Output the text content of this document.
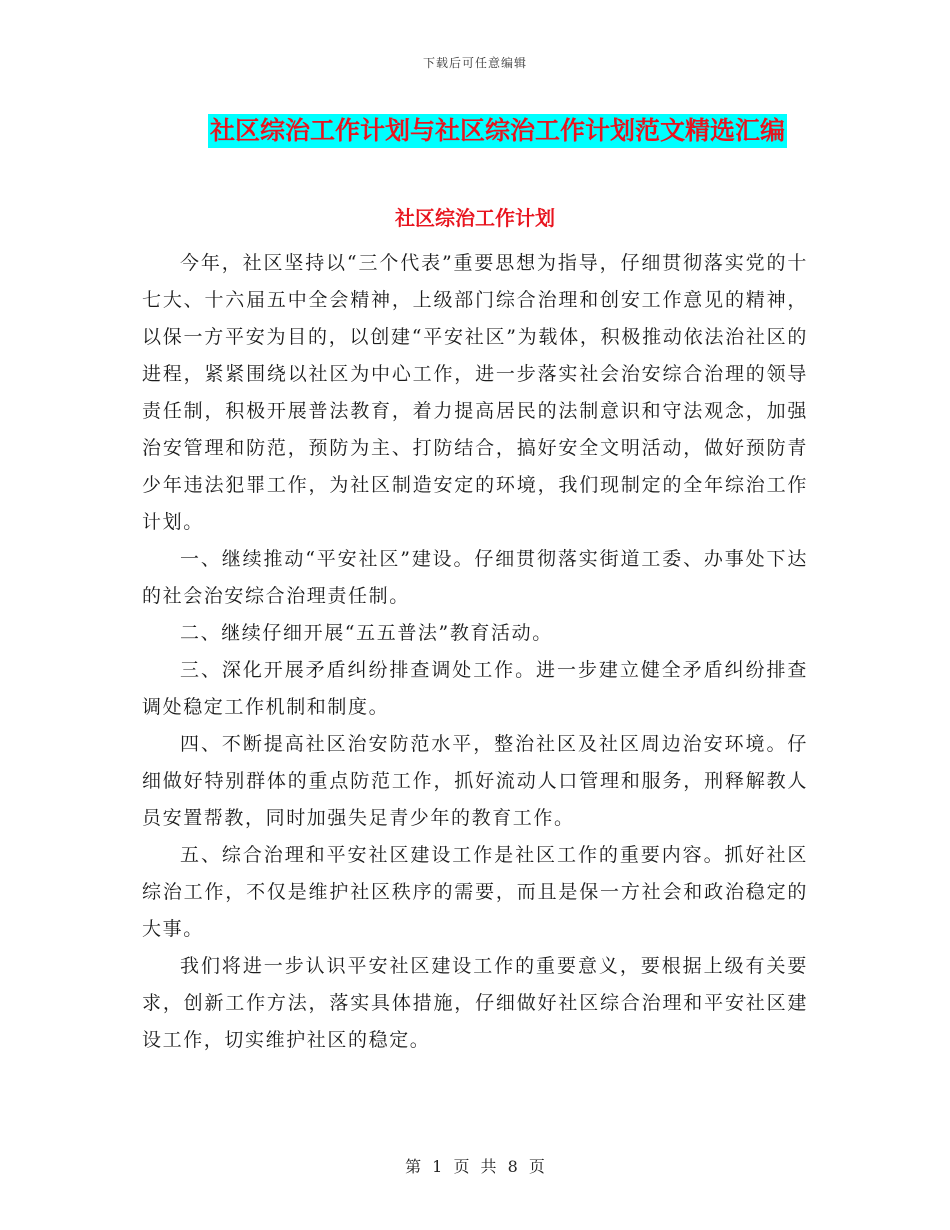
下载后可任意编辑
社区综治工作计划与社区综治工作计划范文精选汇编
社区综治工作计划

今年，社区坚持以“三个代表”重要思想为指导，仔细贯彻落实党的十七大、十六届五中全会精神，上级部门综合治理和创安工作意见的精神，以保一方平安为目的，以创建“平安社区”为载体，积极推动依法治社区的进程，紧紧围绕以社区为中心工作，进一步落实社会治安综合治理的领导责任制，积极开展普法教育，着力提高居民的法制意识和守法观念，加强治安管理和防范，预防为主、打防结合，搞好安全文明活动，做好预防青少年违法犯罪工作，为社区制造安定的环境，我们现制定的全年综治工作计划。

一、继续推动“平安社区”建设。仔细贯彻落实街道工委、办事处下达的社会治安综合治理责任制。

二、继续仔细开展“五五普法”教育活动。

三、深化开展矛盾纠纷排查调处工作。进一步建立健全矛盾纠纷排查调处稳定工作机制和制度。

四、不断提高社区治安防范水平，整治社区及社区周边治安环境。仔细做好特别群体的重点防范工作，抓好流动人口管理和服务，刑释解教人员安置帮教，同时加强失足青少年的教育工作。

五、综合治理和平安社区建设工作是社区工作的重要内容。抓好社区综治工作，不仅是维护社区秩序的需要，而且是保一方社会和政治稳定的大事。

我们将进一步认识平安社区建设工作的重要意义，要根据上级有关要求，创新工作方法，落实具体措施，仔细做好社区综合治理和平安社区建设工作，切实维护社区的稳定。

第 1 页 共 8 页
